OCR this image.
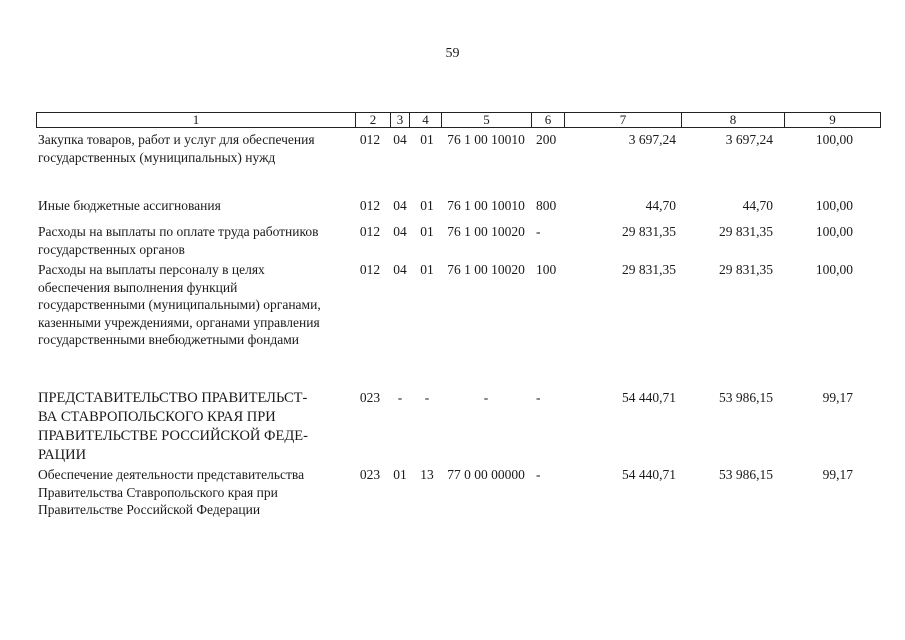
59
1	2	3	4	5	6	7	8	9
Закупка товаров, работ и услуг для обеспечения
государственных (муниципальных) нужд
012 04 01 76 1 00 10010 200	3 697,24	3 697,24	100,00
Иные бюджетные ассигнования	012 04 01 76 1 00 10010 800	44,70	44,70	100,00
Расходы на выплаты по оплате труда работников
государственных органов
012 04 01 76 1 00 10020 -	29 831,35	29 831,35	100,00
Расходы на выплаты персоналу в целях
обеспечения выполнения функций
государственными (муниципальными) органами,
казенными учреждениями, органами управления
государственными внебюджетными фондами
012 04 01 76 1 00 10020 100	29 831,35	29 831,35	100,00
ПРЕДСТАВИТЕЛЬСТВО ПРАВИТЕЛЬСТ-
ВА СТАВРОПОЛЬСКОГО КРАЯ ПРИ
ПРАВИТЕЛЬСТВЕ РОССИЙСКОЙ ФЕДЕ-
РАЦИИ
023	-	-	-	-	54 440,71	53 986,15	99,17
Обеспечение деятельности представительства
Правительства Ставропольского края при
Правительстве Российской Федерации
023 01 13 77 0 00 00000 -	54 440,71	53 986,15	99,17
